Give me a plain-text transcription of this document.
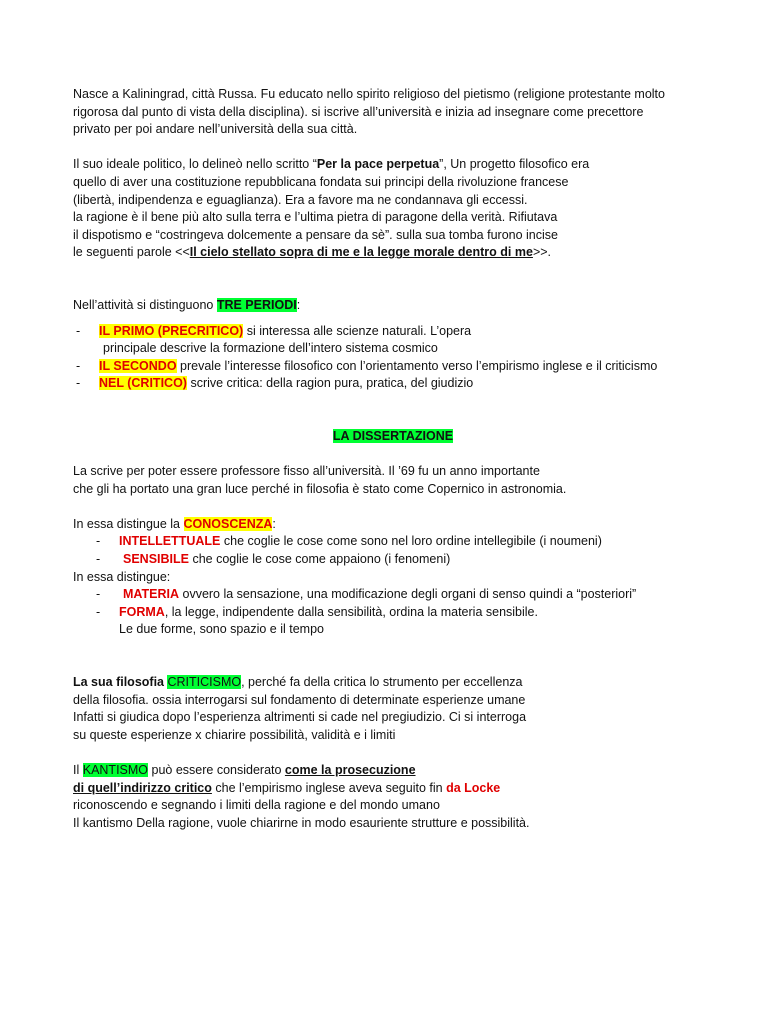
Nasce a Kaliningrad, città Russa. Fu educato nello spirito religioso del pietismo (religione protestante molto
rigorosa dal punto di vista della disciplina). si iscrive all’università e inizia ad insegnare come precettore
privato per poi andare nell’università della sua città.
Il suo ideale politico, lo delineò nello scritto “Per la pace perpetua”, Un progetto filosofico era
quello di aver una costituzione repubblicana fondata sui principi della rivoluzione francese
(libertà, indipendenza e eguaglianza). Era a favore ma ne condannava gli eccessi.
la ragione è il bene più alto sulla terra e l’ultima pietra di paragone della verità. Rifiutava
il dispotismo e “costringeva dolcemente a pensare da sè”. sulla sua tomba furono incise
le seguenti parole <<Il cielo stellato sopra di me e la legge morale dentro di me>>.
Nell’attività si distinguono TRE PERIODI:
- IL PRIMO (PRECRITICO) si interessa alle scienze naturali. L’opera
principale descrive la formazione dell’intero sistema cosmico
- IL SECONDO prevale l’interesse filosofico con l’orientamento verso l’empirismo inglese e il criticismo
- NEL (CRITICO) scrive critica: della ragion pura, pratica, del giudizio
LA DISSERTAZIONE
La scrive per poter essere professore fisso all’università. Il ’69 fu un anno importante
che gli ha portato una gran luce perché in filosofia è stato come Copernico in astronomia.
In essa distingue la CONOSCENZA:
- INTELLETTUALE che coglie le cose come sono nel loro ordine intellegibile (i noumeni)
- SENSIBILE che coglie le cose come appaiono (i fenomeni)
In essa distingue:
- MATERIA ovvero la sensazione, una modificazione degli organi di senso quindi a “posteriori”
- FORMA, la legge, indipendente dalla sensibilità, ordina la materia sensibile.
Le due forme, sono spazio e il tempo
La sua filosofia CRITICISMO, perché fa della critica lo strumento per eccellenza
della filosofia. ossia interrogarsi sul fondamento di determinate esperienze umane
Infatti si giudica dopo l’esperienza altrimenti si cade nel pregiudizio. Ci si interroga
su queste esperienze x chiarire possibilità, validità e i limiti
Il KANTISMO può essere considerato come la prosecuzione
di quell’indirizzo critico che l’empirismo inglese aveva seguito fin da Locke
riconoscendo e segnando i limiti della ragione e del mondo umano
Il kantismo Della ragione, vuole chiarirne in modo esauriente strutture e possibilità.
